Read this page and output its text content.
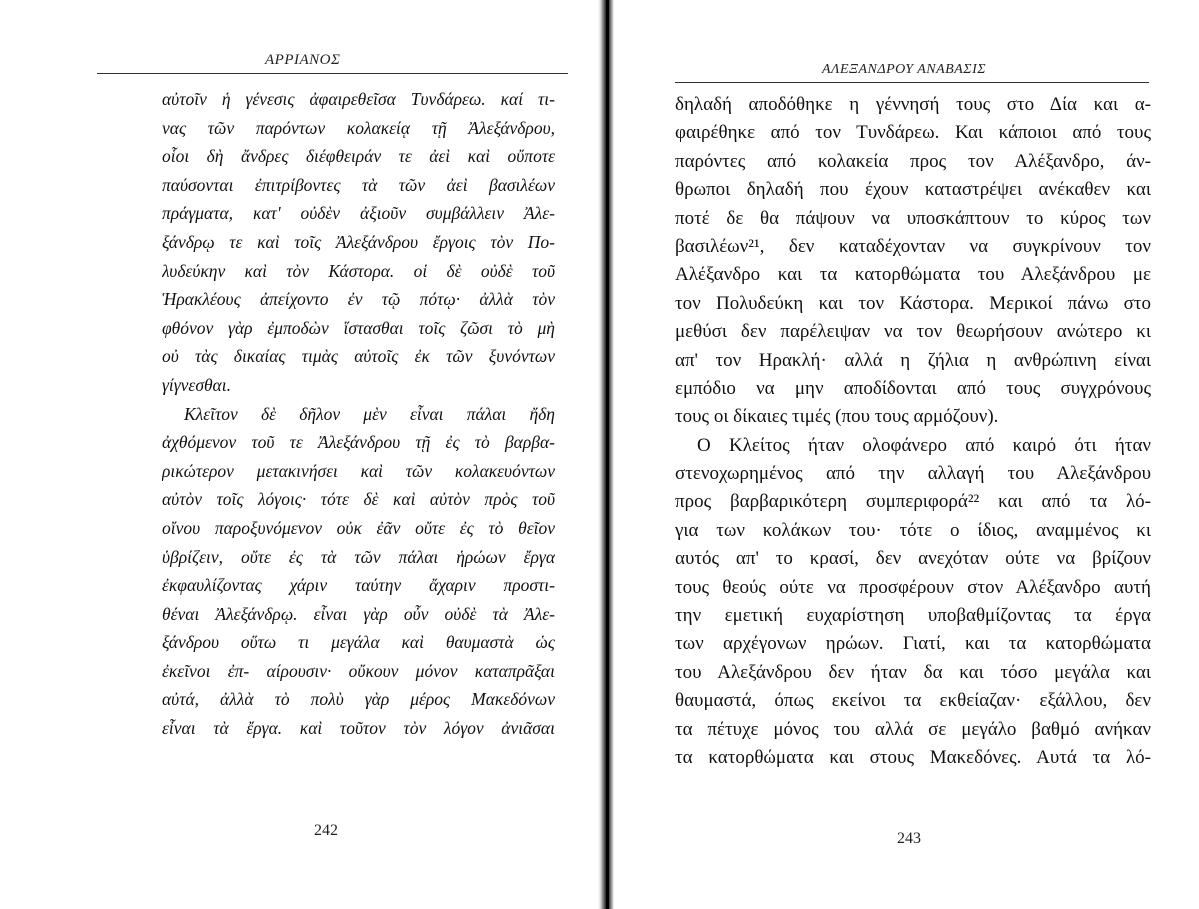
ΑΡΡΙΑΝΟΣ
αὐτοῖν ἡ γένεσις ἀφαιρεθεῖσα Τυνδάρεω. καί τι-
νας τῶν παρόντων κολακείᾳ τῇ Ἀλεξάνδρου,
οἷοι δὴ ἄνδρες διέφθειράν τε ἀεὶ καὶ οὔποτε
παύσονται ἐπιτρίβοντες τὰ τῶν ἀεὶ βασιλέων
πράγματα, κατ' οὐδὲν ἀξιοῦν συμβάλλειν Ἀλε-
ξάνδρῳ τε καὶ τοῖς Ἀλεξάνδρου ἔργοις τὸν Πο-
λυδεύκην καὶ τὸν Κάστορα. οἱ δὲ οὐδὲ τοῦ
Ἡρακλέους ἀπείχοντο ἐν τῷ πότῳ· ἀλλὰ τὸν
φθόνον γὰρ ἐμποδὼν ἵστασθαι τοῖς ζῶσι τὸ μὴ
οὐ τὰς δικαίας τιμὰς αὐτοῖς ἐκ τῶν ξυνόντων
γίγνεσθαι.
Κλεῖτον δὲ δῆλον μὲν εἶναι πάλαι ἤδη
ἀχθόμενον τοῦ τε Ἀλεξάνδρου τῇ ἐς τὸ βαρβα-
ρικώτερον μετακινήσει καὶ τῶν κολακευόντων
αὐτὸν τοῖς λόγοις· τότε δὲ καὶ αὐτὸν πρὸς τοῦ
οἴνου παροξυνόμενον οὐκ ἐᾶν οὔτε ἐς τὸ θεῖον
ὑβρίζειν, οὔτε ἐς τὰ τῶν πάλαι ἡρώων ἔργα
ἐκφαυλίζοντας χάριν ταύτην ἄχαριν προστι-
θέναι Ἀλεξάνδρῳ. εἶναι γὰρ οὖν οὐδὲ τὰ Ἀλε-
ξάνδρου οὕτω τι μεγάλα καὶ θαυμαστὰ ὡς
ἐκεῖνοι ἐπ- αίρουσιν· οὔκουν μόνον καταπρᾶξαι
αὐτά, ἀλλὰ τὸ πολὺ γὰρ μέρος Μακεδόνων
εἶναι τὰ ἔργα. καὶ τοῦτον τὸν λόγον ἀνιᾶσαι
242
ΑΛΕΞΑΝΔΡΟΥ ΑΝΑΒΑΣΙΣ
δηλαδή αποδόθηκε η γέννησή τους στο Δία και α-
φαιρέθηκε από τον Τυνδάρεω. Και κάποιοι από τους
παρόντες από κολακεία προς τον Αλέξανδρο, άν-
θρωποι δηλαδή που έχουν καταστρέψει ανέκαθεν και
ποτέ δε θα πάψουν να υποσκάπτουν το κύρος των
βασιλέων²¹, δεν καταδέχονταν να συγκρίνουν τον
Αλέξανδρο και τα κατορθώματα του Αλεξάνδρου με
τον Πολυδεύκη και τον Κάστορα. Μερικοί πάνω στο
μεθύσι δεν παρέλειψαν να τον θεωρήσουν ανώτερο κι
απ' τον Ηρακλή· αλλά η ζήλια η ανθρώπινη είναι
εμπόδιο να μην αποδίδονται από τους συγχρόνους
τους οι δίκαιες τιμές (που τους αρμόζουν).
Ο Κλείτος ήταν ολοφάνερο από καιρό ότι ήταν
στενοχωρημένος από την αλλαγή του Αλεξάνδρου
προς βαρβαρικότερη συμπεριφορά²² και από τα λό-
για των κολάκων του· τότε ο ίδιος, αναμμένος κι
αυτός απ' το κρασί, δεν ανεχόταν ούτε να βρίζουν
τους θεούς ούτε να προσφέρουν στον Αλέξανδρο αυτή
την εμετική ευχαρίστηση υποβαθμίζοντας τα έργα
των αρχέγονων ηρώων. Γιατί, και τα κατορθώματα
του Αλεξάνδρου δεν ήταν δα και τόσο μεγάλα και
θαυμαστά, όπως εκείνοι τα εκθείαζαν· εξάλλου, δεν
τα πέτυχε μόνος του αλλά σε μεγάλο βαθμό ανήκαν
τα κατορθώματα και στους Μακεδόνες. Αυτά τα λό-
243
